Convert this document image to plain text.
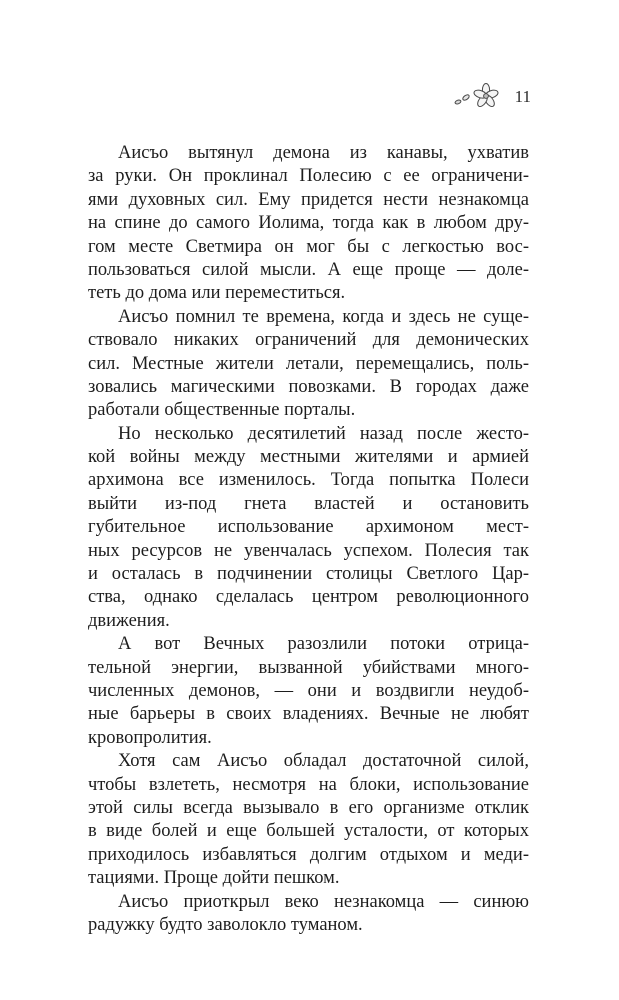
11

Аисъо вытянул демона из канавы, ухватив
за руки. Он проклинал Полесию с ее ограничени-
ями духовных сил. Ему придется нести незнакомца
на спине до самого Иолима, тогда как в любом дру-
гом месте Светмира он мог бы с легкостью вос-
пользоваться силой мысли. А еще проще — доле-
теть до дома или переместиться.

Аисъо помнил те времена, когда и здесь не суще-
ствовало никаких ограничений для демонических
сил. Местные жители летали, перемещались, поль-
зовались магическими повозками. В городах даже
работали общественные порталы.

Но несколько десятилетий назад после жесто-
кой войны между местными жителями и армией
архимона все изменилось. Тогда попытка Полеси
выйти из-под гнета властей и остановить
губительное использование архимоном мест-
ных ресурсов не увенчалась успехом. Полесия так
и осталась в подчинении столицы Светлого Цар-
ства, однако сделалась центром революционного
движения.

А вот Вечных разозлили потоки отрица-
тельной энергии, вызванной убийствами много-
численных демонов, — они и воздвигли неудоб-
ные барьеры в своих владениях. Вечные не любят
кровопролития.

Хотя сам Аисъо обладал достаточной силой,
чтобы взлететь, несмотря на блоки, использование
этой силы всегда вызывало в его организме отклик
в виде болей и еще большей усталости, от которых
приходилось избавляться долгим отдыхом и меди-
тациями. Проще дойти пешком.

Аисъо приоткрыл веко незнакомца — синюю
радужку будто заволокло туманом.
